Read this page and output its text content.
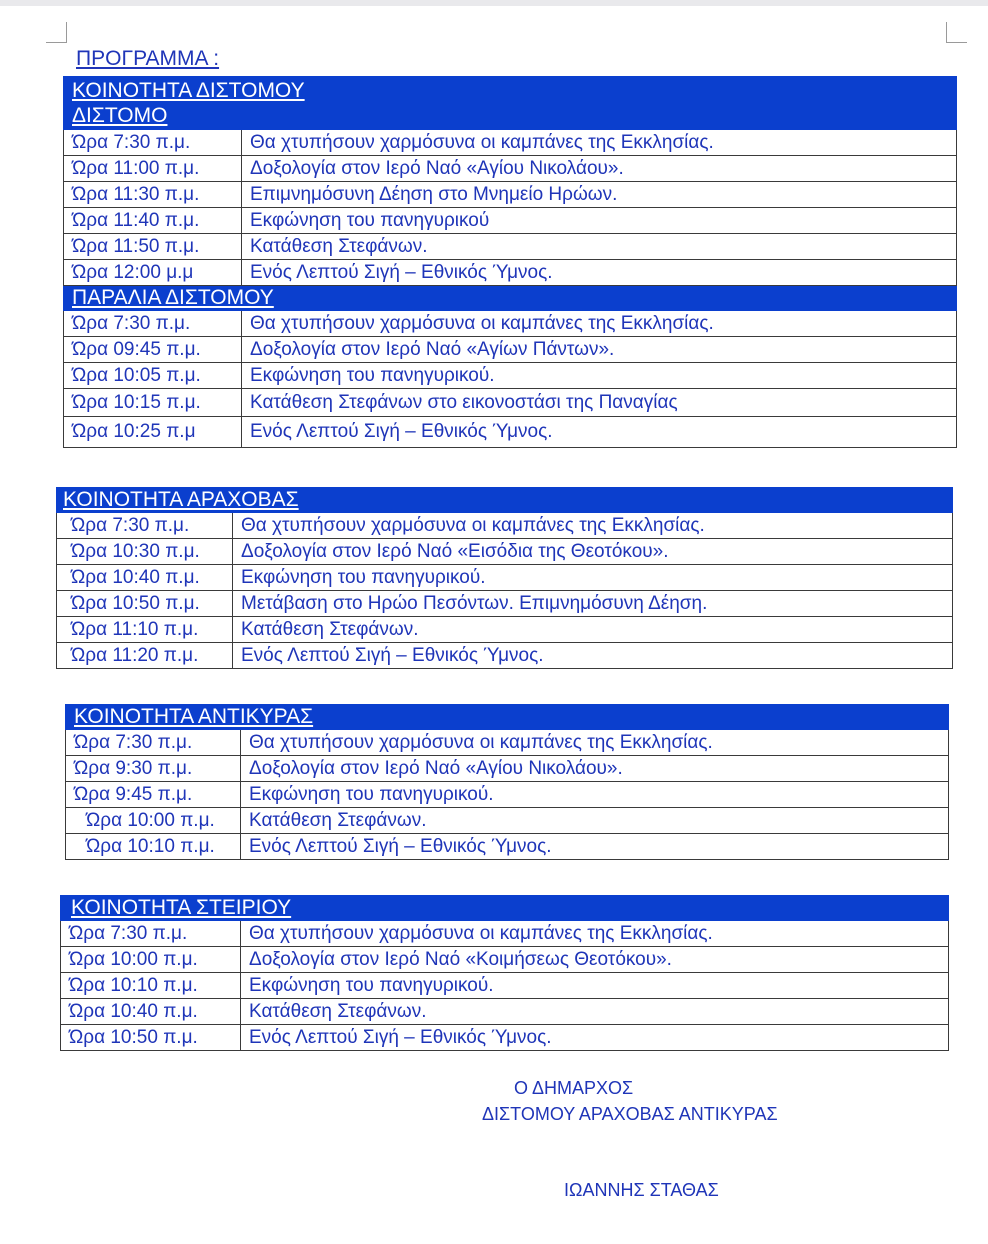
ΠΡΟΓΡΑΜΜΑ :
ΚΟΙΝΟΤΗΤΑ ΔΙΣΤΟΜΟΥ
ΔΙΣΤΟΜΟ	
Ώρα 7:30 π.μ.	Θα χτυπήσουν χαρμόσυνα οι καμπάνες της Εκκλησίας.
Ώρα 11:00 π.μ.	Δοξολογία στον Ιερό Ναό «Αγίου Νικολάου».
Ώρα 11:30 π.μ.	Επιμνημόσυνη Δέηση στο Μνημείο Ηρώων.
Ώρα 11:40 π.μ.	Εκφώνηση του πανηγυρικού
Ώρα 11:50 π.μ.	Κατάθεση Στεφάνων.
Ώρα 12:00 μ.μ	Ενός Λεπτού Σιγή – Εθνικός Ύμνος.
ΠΑΡΑΛΙΑ ΔΙΣΤΟΜΟΥ	
Ώρα 7:30 π.μ.	Θα χτυπήσουν χαρμόσυνα οι καμπάνες της Εκκλησίας.
Ώρα 09:45 π.μ.	Δοξολογία στον Ιερό Ναό «Αγίων Πάντων».
Ώρα 10:05 π.μ.	Εκφώνηση του πανηγυρικού.
Ώρα 10:15 π.μ.	Κατάθεση Στεφάνων στο εικονοστάσι της Παναγίας
Ώρα 10:25 π.μ	Ενός Λεπτού Σιγή – Εθνικός Ύμνος.
ΚΟΙΝΟΤΗΤΑ ΑΡΑΧΟΒΑΣ	
Ώρα 7:30 π.μ.	Θα χτυπήσουν χαρμόσυνα οι καμπάνες της Εκκλησίας.
Ώρα 10:30 π.μ.	Δοξολογία στον Ιερό Ναό «Εισόδια της Θεοτόκου».
Ώρα 10:40 π.μ.	Εκφώνηση του πανηγυρικού.
Ώρα 10:50 π.μ.	Μετάβαση στο Ηρώο Πεσόντων. Επιμνημόσυνη Δέηση.
Ώρα 11:10 π.μ.	Κατάθεση Στεφάνων.
Ώρα 11:20 π.μ.	Ενός Λεπτού Σιγή – Εθνικός Ύμνος.
ΚΟΙΝΟΤΗΤΑ ΑΝΤΙΚΥΡΑΣ	
Ώρα 7:30 π.μ.	Θα χτυπήσουν χαρμόσυνα οι καμπάνες της Εκκλησίας.
Ώρα 9:30 π.μ.	Δοξολογία στον Ιερό Ναό «Αγίου Νικολάου».
Ώρα 9:45 π.μ.	Εκφώνηση του πανηγυρικού.
Ώρα 10:00 π.μ.	Κατάθεση Στεφάνων.
Ώρα 10:10 π.μ.	Ενός Λεπτού Σιγή – Εθνικός Ύμνος.
ΚΟΙΝΟΤΗΤΑ ΣΤΕΙΡΙΟΥ	
Ώρα 7:30 π.μ.	Θα χτυπήσουν χαρμόσυνα οι καμπάνες της Εκκλησίας.
Ώρα 10:00 π.μ.	Δοξολογία στον Ιερό Ναό «Κοιμήσεως Θεοτόκου».
Ώρα 10:10 π.μ.	Εκφώνηση του πανηγυρικού.
Ώρα 10:40 π.μ.	Κατάθεση Στεφάνων.
Ώρα 10:50 π.μ.	Ενός Λεπτού Σιγή – Εθνικός Ύμνος.
Ο ΔΗΜΑΡΧΟΣ
ΔΙΣΤΟΜΟΥ ΑΡΑΧΟΒΑΣ ΑΝΤΙΚΥΡΑΣ
ΙΩΑΝΝΗΣ ΣΤΑΘΑΣ
